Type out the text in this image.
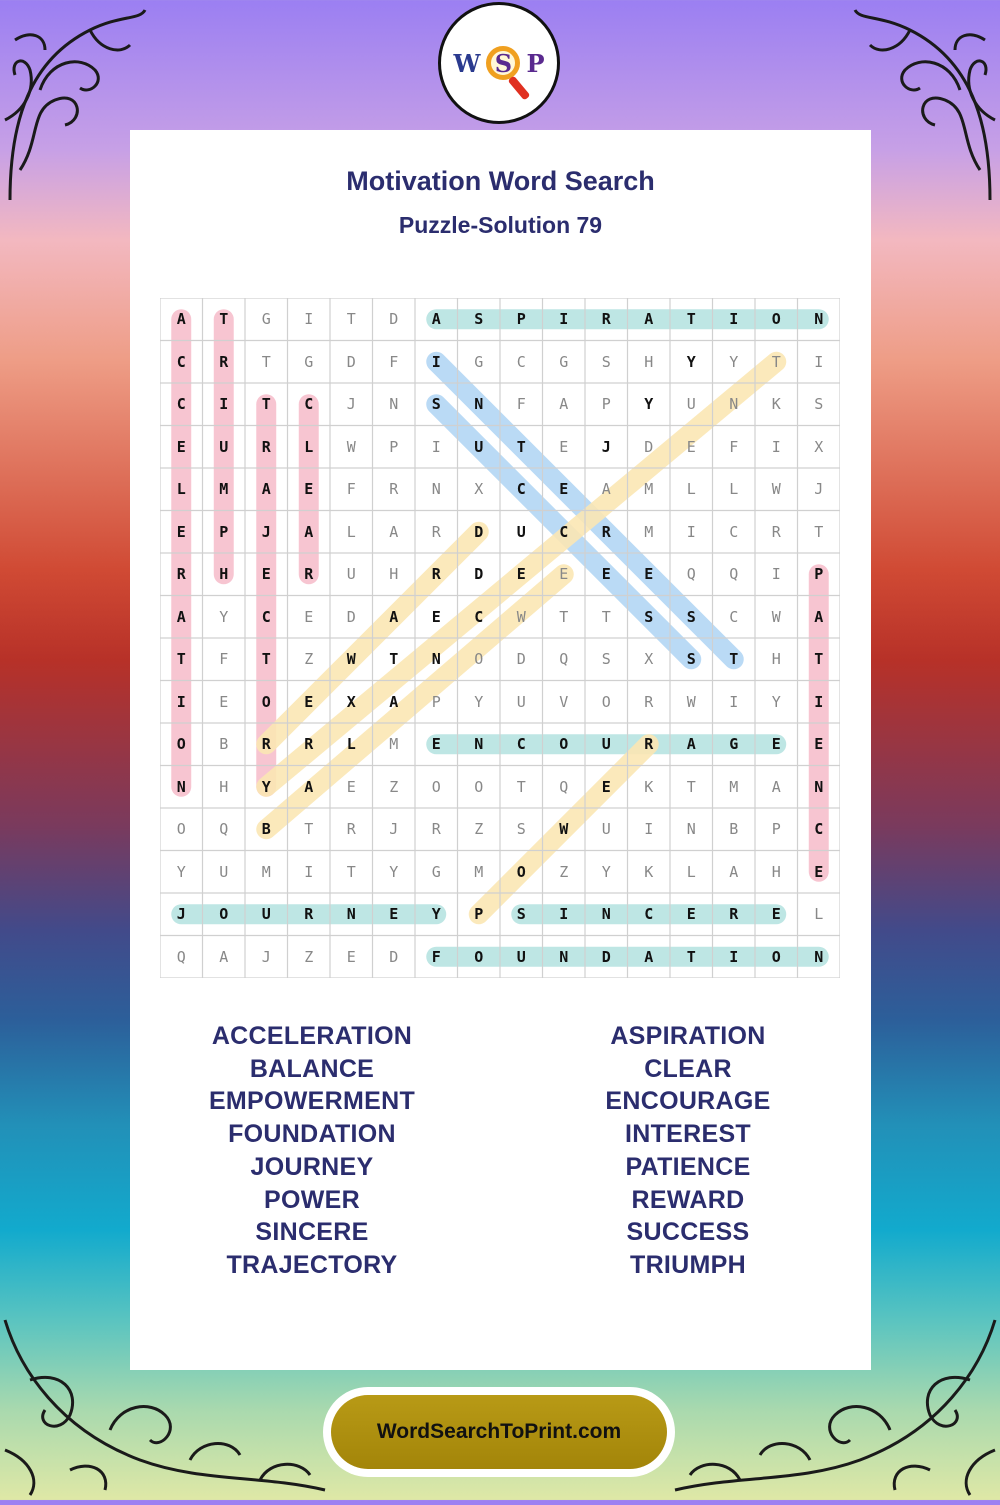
W S P
Motivation Word Search
Puzzle-Solution 79
A	T	G	I	T	D	A	S	P	I	R	A	T	I	O	N
C	R	T	G	D	F	I	G	C	G	S	H	Y	Y	T	I
C	I	T	C	J	N	S	N	F	A	P	Y	U	N	K	S
E	U	R	L	W	P	I	U	T	E	J	D	E	F	I	X
L	M	A	E	F	R	N	X	C	E	A	M	L	L	W	J
E	P	J	A	L	A	R	D	U	C	R	M	I	C	R	T
R	H	E	R	U	H	R	D	E	E	E	E	Q	Q	I	P
A	Y	C	E	D	A	E	C	W	T	T	S	S	C	W	A
T	F	T	Z	W	T	N	O	D	Q	S	X	S	T	H	T
I	E	O	E	X	A	P	Y	U	V	O	R	W	I	Y	I
O	B	R	R	L	M	E	N	C	O	U	R	A	G	E	E
N	H	Y	A	E	Z	O	O	T	Q	E	K	T	M	A	N
O	Q	B	T	R	J	R	Z	S	W	U	I	N	B	P	C
Y	U	M	I	T	Y	G	M	O	Z	Y	K	L	A	H	E
J	O	U	R	N	E	Y	P	S	I	N	C	E	R	E	L
Q	A	J	Z	E	D	F	O	U	N	D	A	T	I	O	N
ACCELERATION
BALANCE
EMPOWERMENT
FOUNDATION
JOURNEY
POWER
SINCERE
TRAJECTORY
ASPIRATION
CLEAR
ENCOURAGE
INTEREST
PATIENCE
REWARD
SUCCESS
TRIUMPH
WordSearchToPrint.com
